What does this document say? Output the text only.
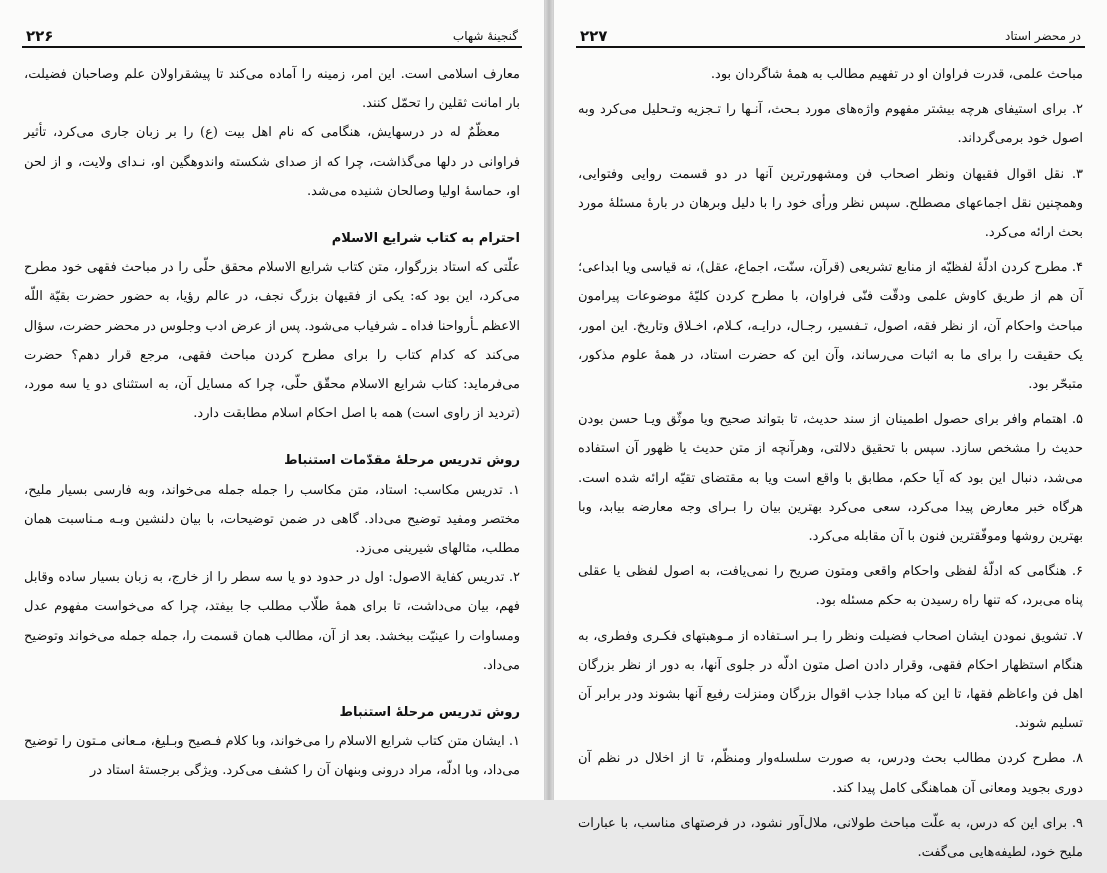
گنجینهٔ شهاب
۲۲۶

معارف اسلامی است. این امر، زمینه را آماده می‌کند تا پیشقراولان علم وصاحبان فضیلت، بار امانت ثقلین را تحمّل کنند.

معظّمٌ له در درسهایش، هنگامی که نام اهل بیت (ع) را بر زبان جاری می‌کرد، تأثیر فراوانی در دلها می‌گذاشت، چرا که از صدای شکسته واندوهگین او، نـدای ولایت، و از لحن او، حماسهٔ اولیا وصالحان شنیده می‌شد.

احترام به کتاب شرایع الاسلام

علّتی که استاد بزرگوار، متن کتاب شرایع الاسلام محقق حلّی را در مباحث فقهی خود مطرح می‌کرد، این بود که: یکی از فقیهان بزرگ نجف، در عالم رؤیا، به حضور حضرت بقیّة اللّه الاعظم ـأرواحنا فداه ـ شرفیاب می‌شود. پس از عرض ادب وجلوس در محضر حضرت، سؤال می‌کند که کدام کتاب را برای مطرح کردن مباحث فقهی، مرجع قرار دهم؟ حضرت می‌فرماید: کتاب شرایع الاسلام محقّق حلّی، چرا که مسایل آن، به استثنای دو یا سه مورد، (تردید از راوی است) همه با اصل احکام اسلام مطابقت دارد.

روش تدریس مرحلهٔ مقدّمات استنباط

۱. تدریس مکاسب: استاد، متن مکاسب را جمله جمله می‌خواند، وبه فارسی بسیار ملیح، مختصر ومفید توضیح می‌داد. گاهی در ضمن توضیحات، با بیان دلنشین وبـه مـناسبت همان مطلب، مثالهای شیرینی می‌زد.

۲. تدریس کفایة الاصول: اول در حدود دو یا سه سطر را از خارج، به زبان بسیار ساده وقابل فهم، بیان می‌داشت، تا برای همهٔ طلّاب مطلب جا بیفتد، چرا که می‌خواست مفهوم عدل ومساوات را عینیّت ببخشد. بعد از آن، مطالب همان قسمت را، جمله جمله می‌خواند وتوضیح می‌داد.

روش تدریس مرحلهٔ استنباط

۱. ایشان متن کتاب شرایع الاسلام را می‌خواند، وبا کلام فـصیح وبـلیغ، مـعانی مـتون را توضیح می‌داد، وبا ادلّه، مراد درونی وبنهان آن را کشف می‌کرد. ویژگی برجستهٔ استاد در

در محضر استاد
۲۲۷

مباحث علمی، قدرت فراوان او در تفهیم مطالب به همهٔ شاگردان بود.

۲. برای استیفای هرچه بیشتر مفهوم واژه‌های مورد بـحث، آنـها را تـجزیه وتـحلیل می‌کرد وبه اصول خود برمی‌گرداند.

۳. نقل اقوال فقیهان ونظر اصحاب فن ومشهورترین آنها در دو قسمت روایی وفتوایی، وهمچنین نقل اجماعهای مصطلح. سپس نظر ورأی خود را با دلیل وبرهان در بارهٔ مسئلهٔ مورد بحث ارائه می‌کرد.

۴. مطرح کردن ادلّهٔ لفظیّه از منابع تشریعی (قرآن، سنّت، اجماع، عقل)، نه قیاسی ویا ابداعی؛ آن هم از طریق کاوش علمی ودقّت فنّی فراوان، با مطرح کردن کلیّهٔ موضوعات پیرامون مباحث واحکام آن، از نظر فقه، اصول، تـفسیر، رجـال، درایـه، کـلام، اخـلاق وتاریخ. این امور، یک حقیقت را برای ما به اثبات می‌رساند، وآن این که حضرت استاد، در همهٔ علوم مذکور، متبحّر بود.

۵. اهتمام وافر برای حصول اطمینان از سند حدیث، تا بتواند صحیح ویا موثّق ویـا حسن بودن حدیث را مشخص سازد. سپس با تحقیق دلالتی، وهرآنچه از متن حدیث یا ظهور آن استفاده می‌شد، دنبال این بود که آیا حکم، مطابق با واقع است ویا به مقتضای تقیّه ارائه شده است. هرگاه خبر معارض پیدا می‌کرد، سعی می‌کرد بهترین بیان را بـرای وجه معارضه بیابد، وبا بهترین روشها وموفّقترین فنون با آن مقابله می‌کرد.

۶. هنگامی که ادلّهٔ لفظی واحکام واقعی ومتون صریح را نمی‌یافت، به اصول لفظی یا عقلی پناه می‌برد، که تنها راه رسیدن به حکم مسئله بود.

۷. تشویق نمودن ایشان اصحاب فضیلت ونظر را بـر اسـتفاده از مـوهبتهای فکـری وفطری، به هنگام استظهار احکام فقهی، وقرار دادن اصل متون ادلّه در جلوی آنها، به دور از نظر بزرگان اهل فن واعاظم فقها، تا این که مبادا جذب اقوال بزرگان ومنزلت رفیع آنها بشوند ودر برابر آن تسلیم شوند.

۸. مطرح کردن مطالب بحث ودرس، به صورت سلسله‌وار ومنظّم، تا از اخلال در نظم آن دوری بجوید ومعانی آن هماهنگی کامل پیدا کند.

۹. برای این که درس، به علّت مباحث طولانی، ملال‌آور نشود، در فرصتهای مناسب، با عبارات ملیح خود، لطیفه‌هایی می‌گفت.
